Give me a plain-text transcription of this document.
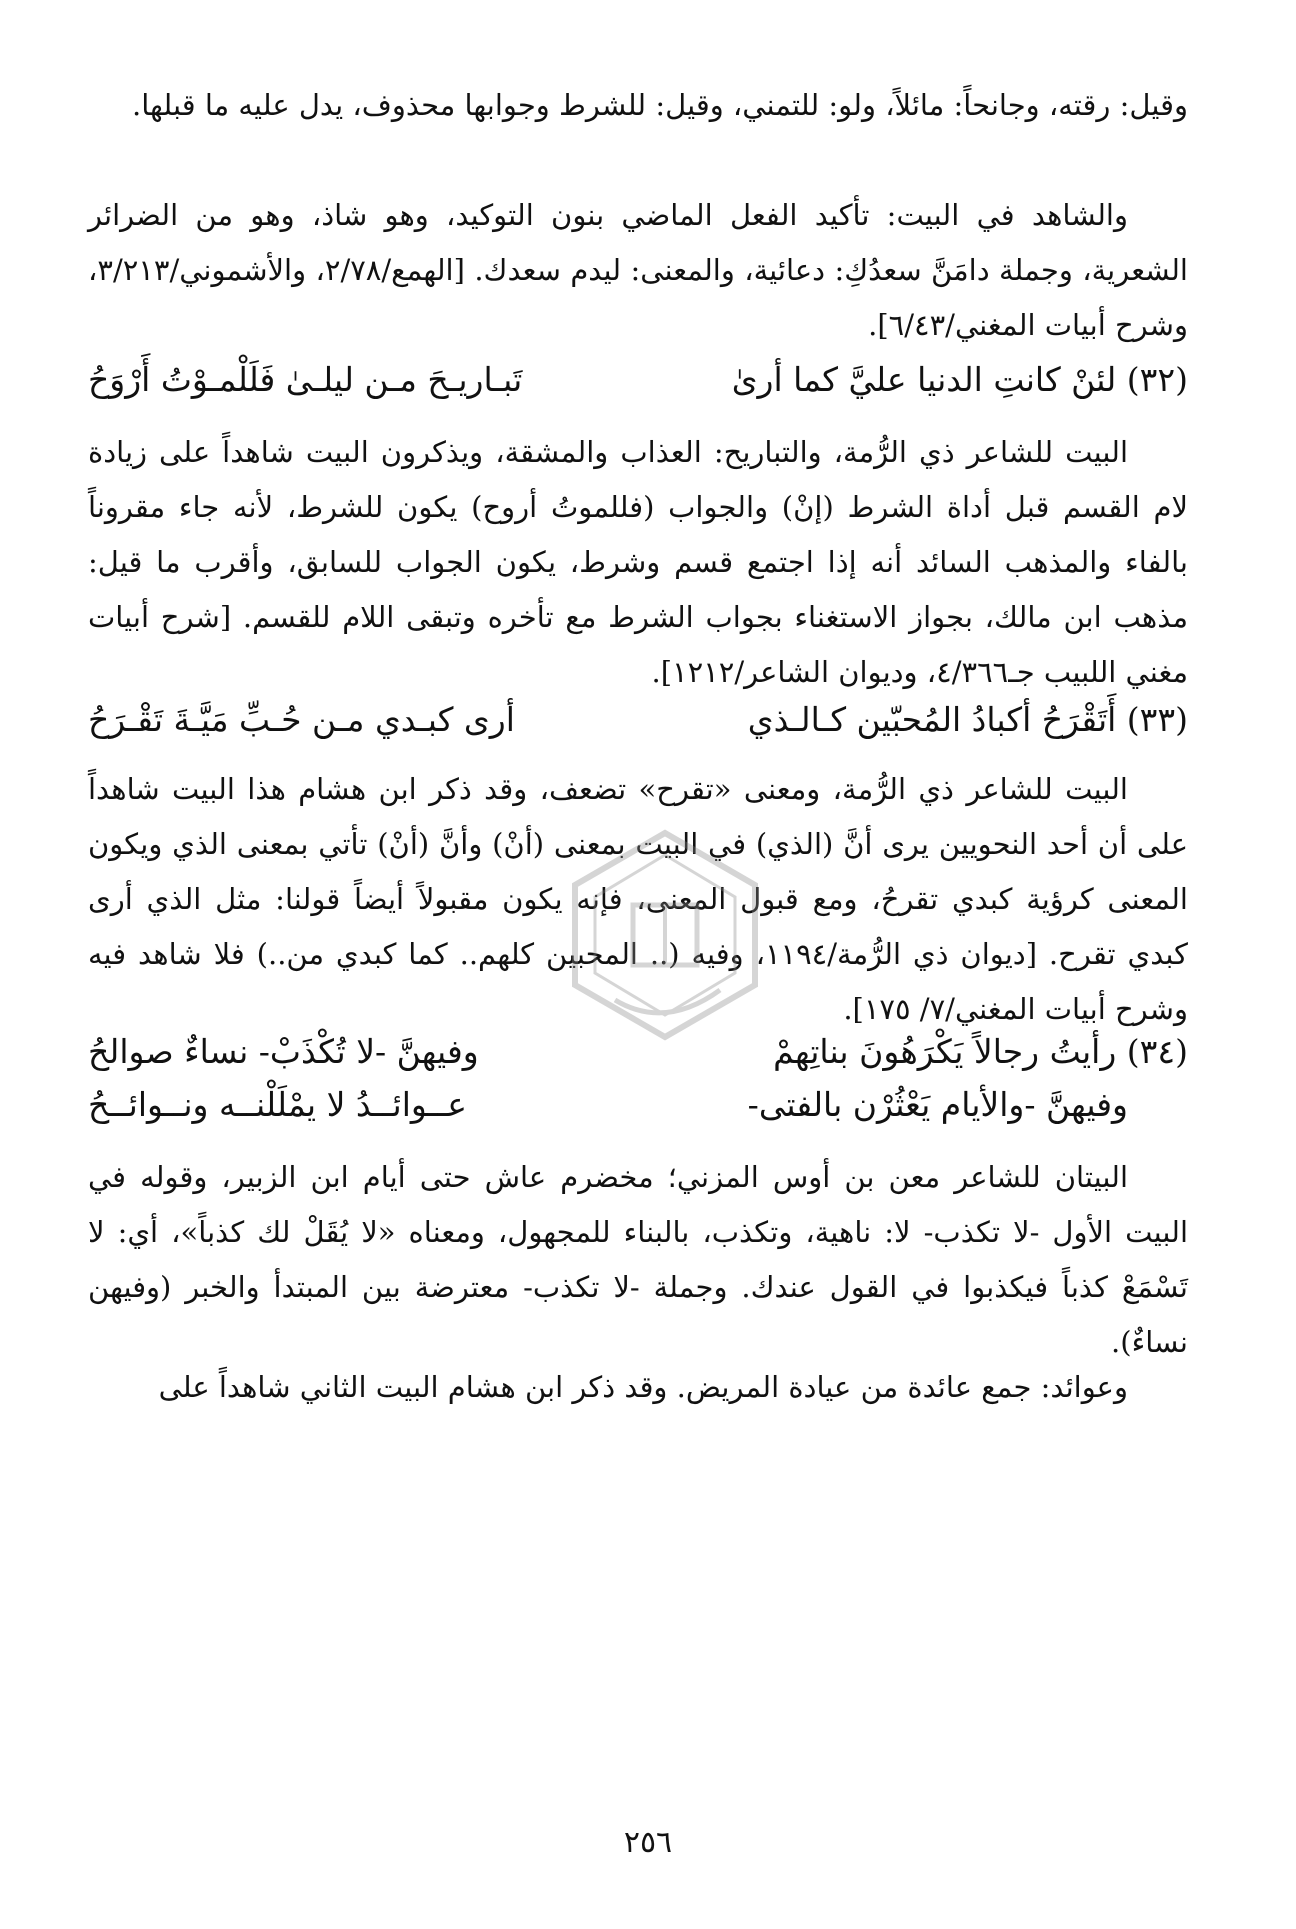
وقيل: رقته، وجانحاً: مائلاً، ولو: للتمني، وقيل: للشرط وجوابها محذوف، يدل عليه ما قبلها.

والشاهد في البيت: تأكيد الفعل الماضي بنون التوكيد، وهو شاذ، وهو من الضرائر الشعرية، وجملة دامَنَّ سعدُكِ: دعائية، والمعنى: ليدم سعدك. [الهمع/٢/٧٨، والأشموني/٣/٢١٣، وشرح أبيات المغني/٦/٤٣].

(٣٢) لئنْ كانتِ الدنيا عليَّ كما أرىٰ
تَبـاريـحَ مـن ليلـىٰ فَلَلْمـوْتُ أَرْوَحُ

البيت للشاعر ذي الرُّمة، والتباريح: العذاب والمشقة، ويذكرون البيت شاهداً على زيادة لام القسم قبل أداة الشرط (إنْ) والجواب (فللموتُ أروح) يكون للشرط، لأنه جاء مقروناً بالفاء والمذهب السائد أنه إذا اجتمع قسم وشرط، يكون الجواب للسابق، وأقرب ما قيل: مذهب ابن مالك، بجواز الاستغناء بجواب الشرط مع تأخره وتبقى اللام للقسم. [شرح أبيات مغني اللبيب جـ٤/٣٦٦، وديوان الشاعر/١٢١٢].

(٣٣) أَتَقْرَحُ أكبادُ المُحبّين كـالـذي
أرى كبـدي مـن حُـبِّ مَيَّـةَ تَقْـرَحُ

البيت للشاعر ذي الرُّمة، ومعنى «تقرح» تضعف، وقد ذكر ابن هشام هذا البيت شاهداً على أن أحد النحويين يرى أنَّ (الذي) في البيت بمعنى (أنْ) وأنَّ (أنْ) تأتي بمعنى الذي ويكون المعنى كرؤية كبدي تقرحُ، ومع قبول المعنى، فإنه يكون مقبولاً أيضاً قولنا: مثل الذي أرى كبدي تقرح. [ديوان ذي الرُّمة/١١٩٤، وفيه (.. المحبين كلهم.. كما كبدي من..) فلا شاهد فيه وشرح أبيات المغني/٧/ ١٧٥].

(٣٤) رأيتُ رجالاً يَكْرَهُونَ بناتِهمْ
وفيهنَّ -لا تُكْذَبْ- نساءٌ صوالحُ
وفيهنَّ -والأيام يَعْثُرْن بالفتى-
عــوائــدُ لا يمْلَلْنــه ونــوائــحُ

البيتان للشاعر معن بن أوس المزني؛ مخضرم عاش حتى أيام ابن الزبير، وقوله في البيت الأول -لا تكذب- لا: ناهية، وتكذب، بالبناء للمجهول، ومعناه «لا يُقَلْ لك كذباً»، أي: لا تَسْمَعْ كذباً فيكذبوا في القول عندك. وجملة -لا تكذب- معترضة بين المبتدأ والخبر (وفيهن نساءٌ).

وعوائد: جمع عائدة من عيادة المريض. وقد ذكر ابن هشام البيت الثاني شاهداً على

٢٥٦
